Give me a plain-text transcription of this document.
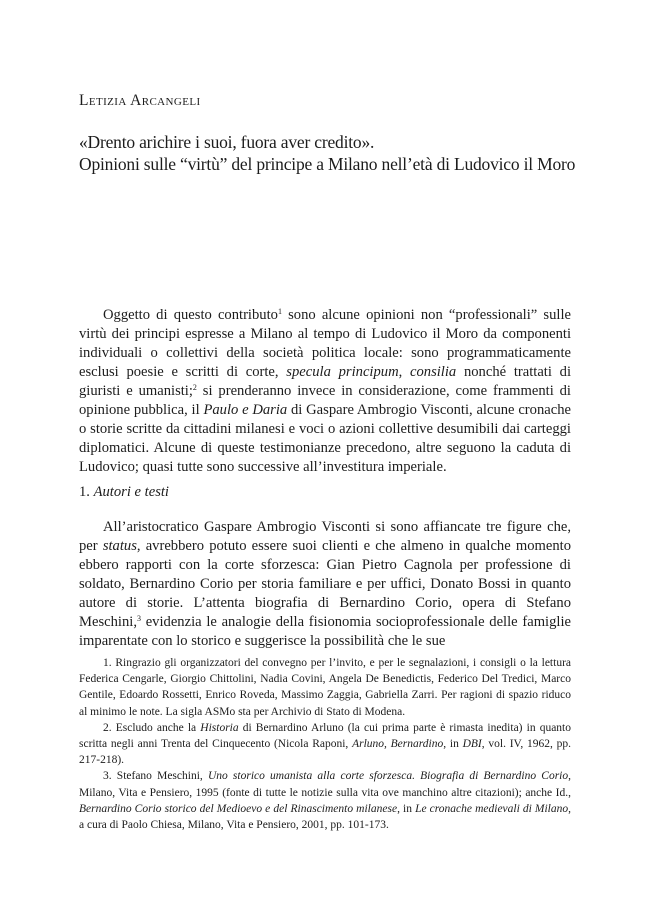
Letizia Arcangeli
«Drento arichire i suoi, fuora aver credito».
Opinioni sulle “virtù” del principe a Milano nell’età di Ludovico il Moro

Oggetto di questo contributo$^1$ sono alcune opinioni non “professionali” sulle virtù dei principi espresse a Milano al tempo di Ludovico il Moro da componenti individuali o collettivi della società politica locale: sono programmaticamente esclusi poesie e scritti di corte, specula principum, consilia nonché trattati di giuristi e umanisti;$^2$ si prenderanno invece in considerazione, come frammenti di opinione pubblica, il Paulo e Daria di Gaspare Ambrogio Visconti, alcune cronache o storie scritte da cittadini milanesi e voci o azioni collettive desumibili dai carteggi diplomatici. Alcune di queste testimonianze precedono, altre seguono la caduta di Ludovico; quasi tutte sono successive all’investitura imperiale.

1. Autori e testi

All’aristocratico Gaspare Ambrogio Visconti si sono affiancate tre figure che, per status, avrebbero potuto essere suoi clienti e che almeno in qualche momento ebbero rapporti con la corte sforzesca: Gian Pietro Cagnola per professione di soldato, Bernardino Corio per storia familiare e per uffici, Donato Bossi in quanto autore di storie. L’attenta biografia di Bernardino Corio, opera di Stefano Meschini,$^3$ evidenzia le analogie della fisionomia socioprofessionale delle famiglie imparentate con lo storico e suggerisce la possibilità che le sue

1. Ringrazio gli organizzatori del convegno per l’invito, e per le segnalazioni, i consigli o la lettura Federica Cengarle, Giorgio Chittolini, Nadia Covini, Angela De Benedictis, Federico Del Tredici, Marco Gentile, Edoardo Rossetti, Enrico Roveda, Massimo Zaggia, Gabriella Zarri. Per ragioni di spazio riduco al minimo le note. La sigla ASMo sta per Archivio di Stato di Modena.

2. Escludo anche la Historia di Bernardino Arluno (la cui prima parte è rimasta inedita) in quanto scritta negli anni Trenta del Cinquecento (Nicola Raponi, Arluno, Bernardino, in DBI, vol. IV, 1962, pp. 217-218).

3. Stefano Meschini, Uno storico umanista alla corte sforzesca. Biografia di Bernardino Corio, Milano, Vita e Pensiero, 1995 (fonte di tutte le notizie sulla vita ove manchino altre citazioni); anche Id., Bernardino Corio storico del Medioevo e del Rinascimento milanese, in Le cronache medievali di Milano, a cura di Paolo Chiesa, Milano, Vita e Pensiero, 2001, pp. 101-173.
